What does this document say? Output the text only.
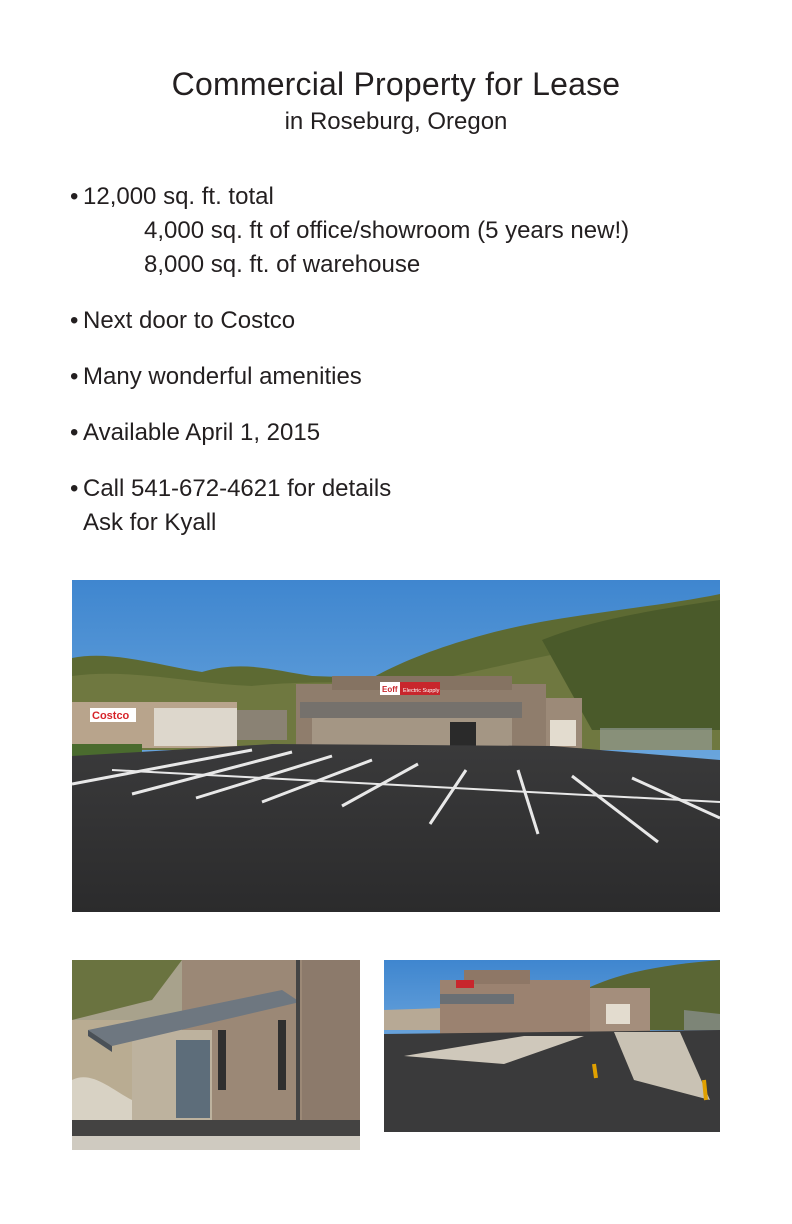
Commercial Property for Lease
in Roseburg, Oregon
• 12,000 sq. ft. total
4,000 sq. ft of office/showroom (5 years new!)
8,000 sq. ft. of warehouse
• Next door to Costco
• Many wonderful amenities
• Available April 1, 2015
• Call 541-672-4621 for details
Ask for Kyall
Costco
Eoff Electric Supply
